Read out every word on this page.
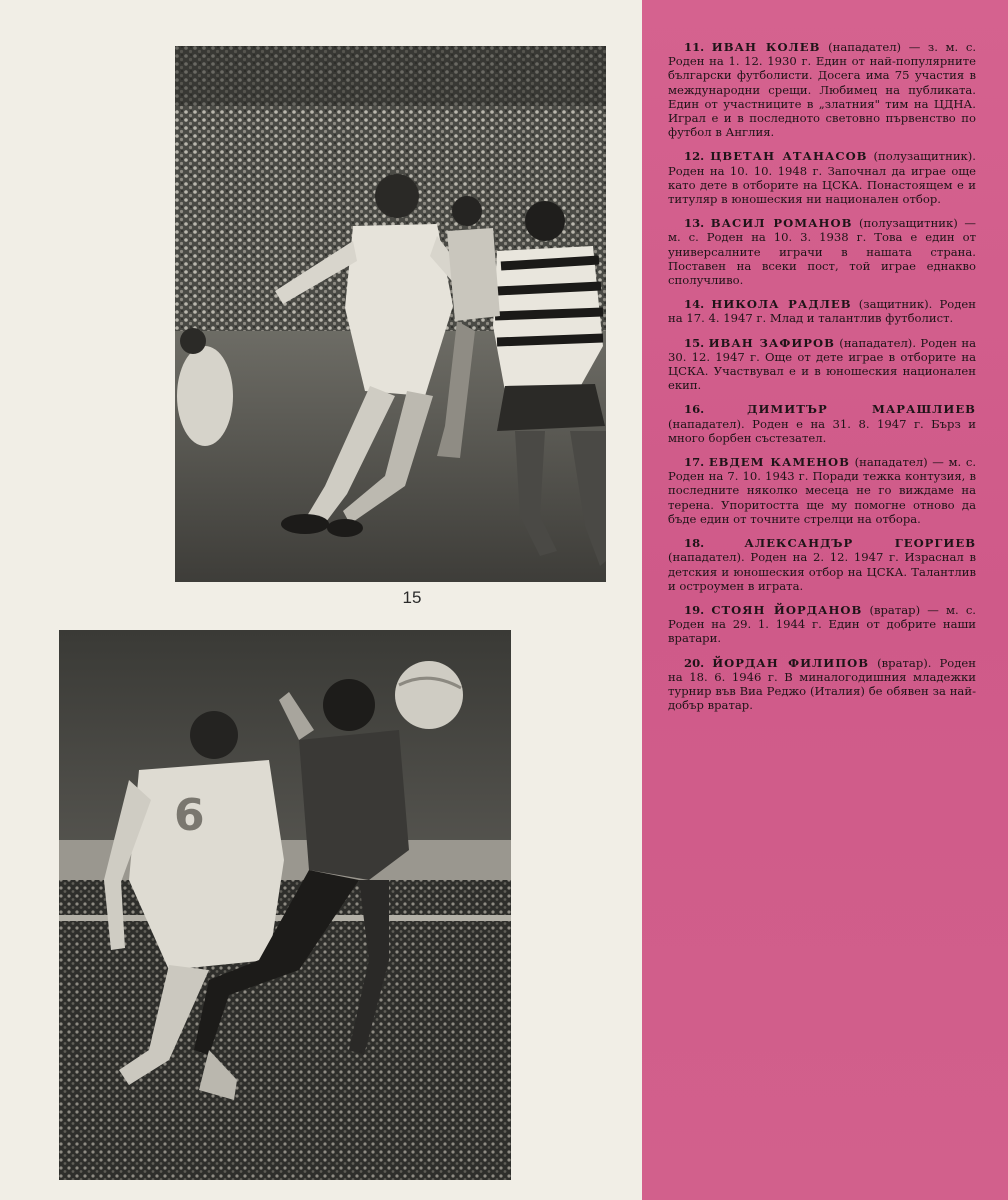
15
6

11. ИВАН КОЛЕВ (нападател) — з. м. с. Роден на 1. 12. 1930 г. Един от най-популярните български футболисти. Досега има 75 участия в международни срещи. Любимец на публиката. Един от участниците в „златния" тим на ЦДНА. Играл е и в последното световно първенство по футбол в Англия.

12. ЦВЕТАН АТАНАСОВ (полузащитник). Роден на 10. 10. 1948 г. Започнал да играе още като дете в отборите на ЦСКА. Понастоящем е и титуляр в юношеския ни национален отбор.

13. ВАСИЛ РОМАНОВ (полузащитник) — м. с. Роден на 10. 3. 1938 г. Това е един от универсалните играчи в нашата страна. Поставен на всеки пост, той играе еднакво сполучливо.

14. НИКОЛА РАДЛЕВ (защитник). Роден на 17. 4. 1947 г. Млад и талантлив футболист.

15. ИВАН ЗАФИРОВ (нападател). Роден на 30. 12. 1947 г. Още от дете играе в отборите на ЦСКА. Участвувал е и в юношеския национален екип.

16.	ДИМИТЪР МАРАШЛИЕВ (нападател). Роден е на 31. 8. 1947 г. Бърз и много борбен състезател.

17. ЕВДЕМ КАМЕНОВ (нападател) — м. с. Роден на 7. 10. 1943 г. Поради тежка контузия, в последните няколко месеца не го виждаме на терена. Упоритостта ще му помогне отново да бъде един от точните стрелци на отбора.

18.	АЛЕКСАНДЪР ГЕОРГИЕВ (нападател). Роден на 2. 12. 1947 г. Израснал в детския и юношеския отбор на ЦСКА. Талантлив и остроумен в играта.

19. СТОЯН ЙОРДАНОВ (вратар) — м. с. Роден на 29. 1. 1944 г. Един от добрите наши вратари.

20. ЙОРДАН ФИЛИПОВ (вратар). Роден на 18. 6. 1946 г. В миналогодишния младежки турнир във Виа Реджо (Италия) бе обявен за най-добър вратар.
